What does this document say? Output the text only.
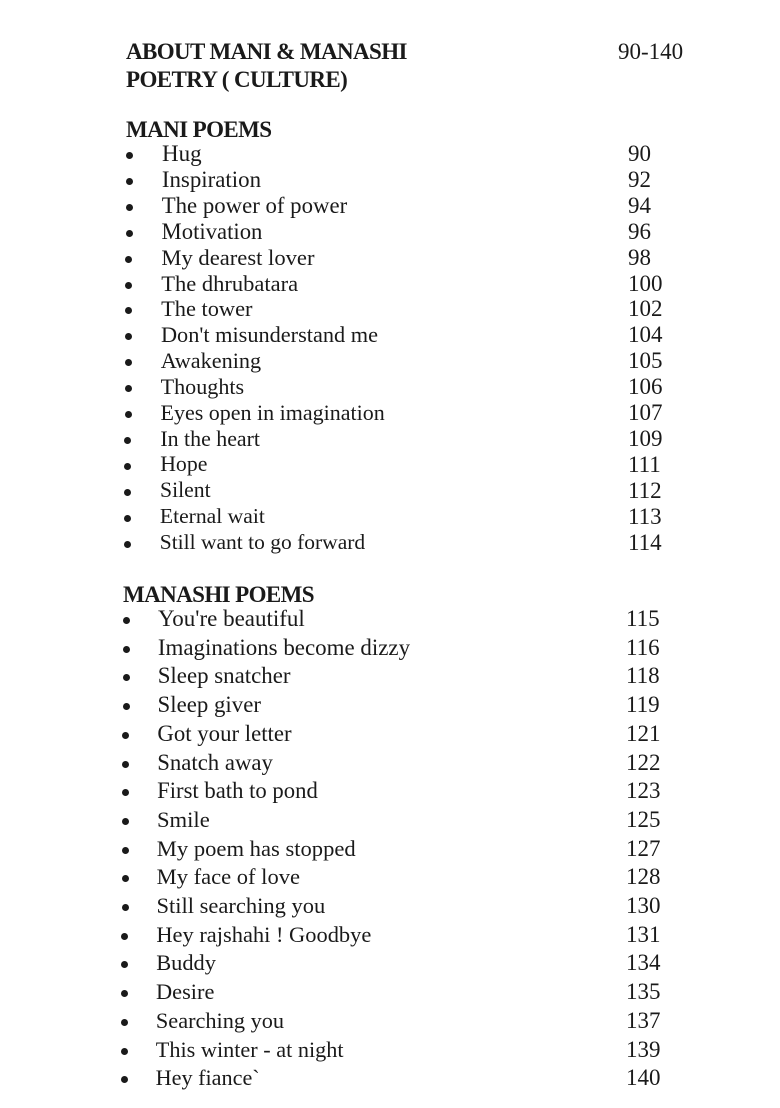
ABOUT MANI & MANASHI
POETRY ( CULTURE)
90-140
MANI POEMS
Hug	90
Inspiration	92
The power of power	94
Motivation	96
My dearest lover	98
The dhrubatara	100
The tower	102
Don't misunderstand me	104
Awakening	105
Thoughts	106
Eyes open in imagination	107
In the heart	109
Hope	111
Silent	112
Eternal wait	113
Still want to go forward	114
MANASHI POEMS
You're beautiful	115
Imaginations become dizzy	116
Sleep snatcher	118
Sleep giver	119
Got your letter	121
Snatch away	122
First bath to pond	123
Smile	125
My poem has stopped	127
My face of love	128
Still searching you	130
Hey rajshahi ! Goodbye	131
Buddy	134
Desire	135
Searching you	137
This winter - at night	139
Hey fiance`	140
